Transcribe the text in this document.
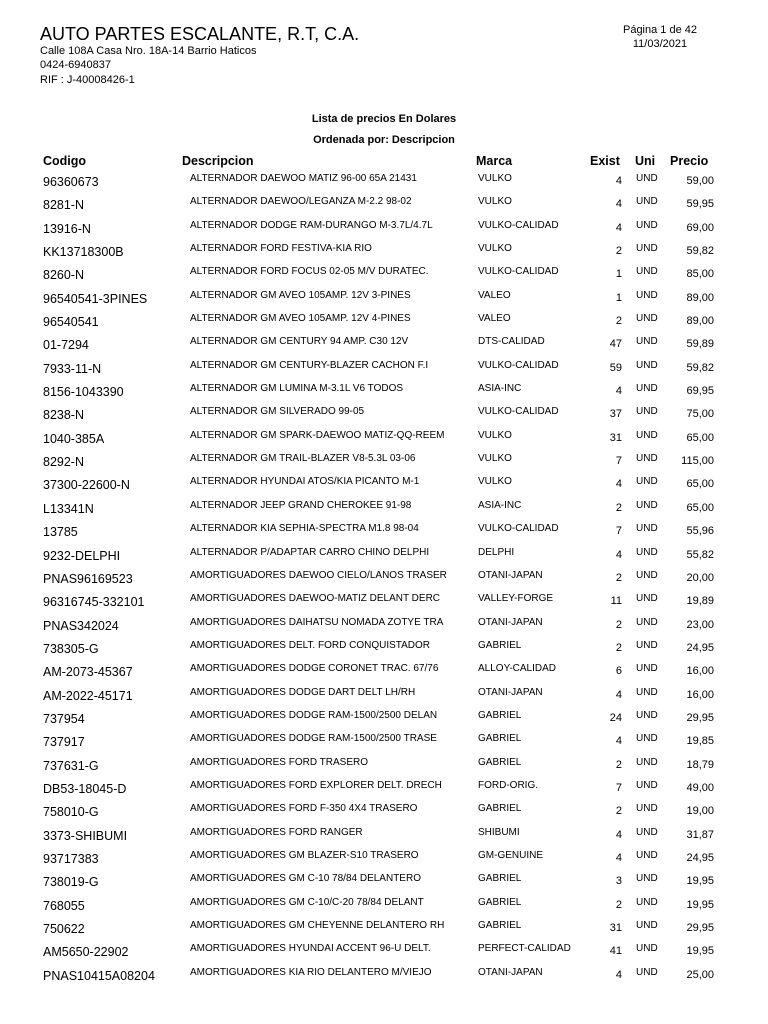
AUTO PARTES ESCALANTE, R.T, C.A.
Calle 108A Casa Nro. 18A-14 Barrio Haticos
0424-6940837
RIF : J-40008426-1
Página 1 de 42
11/03/2021
Lista de precios En Dolares
Ordenada por: Descripcion
Codigo	Descripcion	Marca	Exist Uni Precio
96360673	ALTERNADOR DAEWOO MATIZ 96-00 65A 21431	VULKO	4 UND	59,00
8281-N	ALTERNADOR DAEWOO/LEGANZA M-2.2 98-02	VULKO	4 UND	59,95
13916-N	ALTERNADOR DODGE RAM-DURANGO M-3.7L/4.7L	VULKO-CALIDAD	4 UND	69,00
KK13718300B	ALTERNADOR FORD FESTIVA-KIA RIO	VULKO	2 UND	59,82
8260-N	ALTERNADOR FORD FOCUS 02-05 M/V DURATEC.	VULKO-CALIDAD	1 UND	85,00
96540541-3PINES	ALTERNADOR GM AVEO 105AMP. 12V 3-PINES	VALEO	1 UND	89,00
96540541	ALTERNADOR GM AVEO 105AMP. 12V 4-PINES	VALEO	2 UND	89,00
01-7294	ALTERNADOR GM CENTURY 94 AMP. C30 12V	DTS-CALIDAD	47 UND	59,89
7933-11-N	ALTERNADOR GM CENTURY-BLAZER CACHON F.I	VULKO-CALIDAD	59 UND	59,82
8156-1043390	ALTERNADOR GM LUMINA M-3.1L V6 TODOS	ASIA-INC	4 UND	69,95
8238-N	ALTERNADOR GM SILVERADO 99-05	VULKO-CALIDAD	37 UND	75,00
1040-385A	ALTERNADOR GM SPARK-DAEWOO MATIZ-QQ-REEM	VULKO	31 UND	65,00
8292-N	ALTERNADOR GM TRAIL-BLAZER V8-5.3L 03-06	VULKO	7 UND 115,00
37300-22600-N	ALTERNADOR HYUNDAI ATOS/KIA PICANTO M-1	VULKO	4 UND	65,00
L13341N	ALTERNADOR JEEP GRAND CHEROKEE 91-98	ASIA-INC	2 UND	65,00
13785	ALTERNADOR KIA SEPHIA-SPECTRA M1.8 98-04	VULKO-CALIDAD	7 UND	55,96
9232-DELPHI	ALTERNADOR P/ADAPTAR CARRO CHINO DELPHI	DELPHI	4 UND	55,82
PNAS96169523	AMORTIGUADORES DAEWOO CIELO/LANOS TRASER	OTANI-JAPAN	2 UND	20,00
96316745-332101	AMORTIGUADORES DAEWOO-MATIZ DELANT DERC	VALLEY-FORGE	11 UND	19,89
PNAS342024	AMORTIGUADORES DAIHATSU NOMADA ZOTYE TRA	OTANI-JAPAN	2 UND	23,00
738305-G	AMORTIGUADORES DELT. FORD CONQUISTADOR	GABRIEL	2 UND	24,95
AM-2073-45367	AMORTIGUADORES DODGE CORONET TRAC. 67/76	ALLOY-CALIDAD	6 UND	16,00
AM-2022-45171	AMORTIGUADORES DODGE DART DELT LH/RH	OTANI-JAPAN	4 UND	16,00
737954	AMORTIGUADORES DODGE RAM-1500/2500 DELAN	GABRIEL	24 UND	29,95
737917	AMORTIGUADORES DODGE RAM-1500/2500 TRASE	GABRIEL	4 UND	19,85
737631-G	AMORTIGUADORES FORD TRASERO	GABRIEL	2 UND	18,79
DB53-18045-D	AMORTIGUADORES FORD EXPLORER DELT. DRECH	FORD-ORIG.	7 UND	49,00
758010-G	AMORTIGUADORES FORD F-350 4X4 TRASERO	GABRIEL	2 UND	19,00
3373-SHIBUMI	AMORTIGUADORES FORD RANGER	SHIBUMI	4 UND	31,87
93717383	AMORTIGUADORES GM BLAZER-S10 TRASERO	GM-GENUINE	4 UND	24,95
738019-G	AMORTIGUADORES GM C-10 78/84 DELANTERO	GABRIEL	3 UND	19,95
768055	AMORTIGUADORES GM C-10/C-20 78/84 DELANT	GABRIEL	2 UND	19,95
750622	AMORTIGUADORES GM CHEYENNE DELANTERO RH	GABRIEL	31 UND	29,95
AM5650-22902	AMORTIGUADORES HYUNDAI ACCENT 96-U DELT.	PERFECT-CALIDAD	41 UND	19,95
PNAS10415A08204	AMORTIGUADORES KIA RIO DELANTERO M/VIEJO	OTANI-JAPAN	4 UND	25,00
